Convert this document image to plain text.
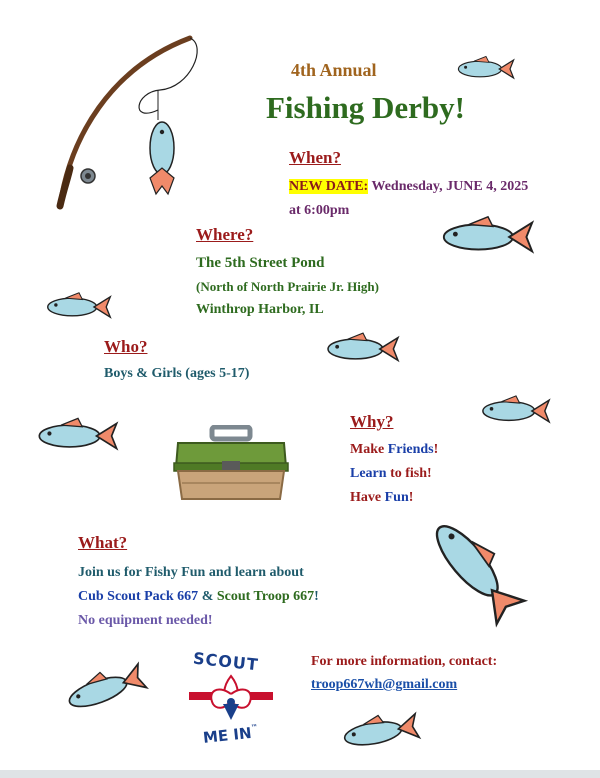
4th Annual
Fishing Derby!
When?
NEW DATE: Wednesday, JUNE 4, 2025
at 6:00pm
Where?
The 5th Street Pond
(North of North Prairie Jr. High)
Winthrop Harbor, IL
Who?
Boys & Girls (ages 5-17)
Why?
Make Friends!
Learn to fish!
Have Fun!
What?
Join us for Fishy Fun and learn about
Cub Scout Pack 667 & Scout Troop 667!
No equipment needed!
SCOUT
ME IN™
For more information, contact:
troop667wh@gmail.com
